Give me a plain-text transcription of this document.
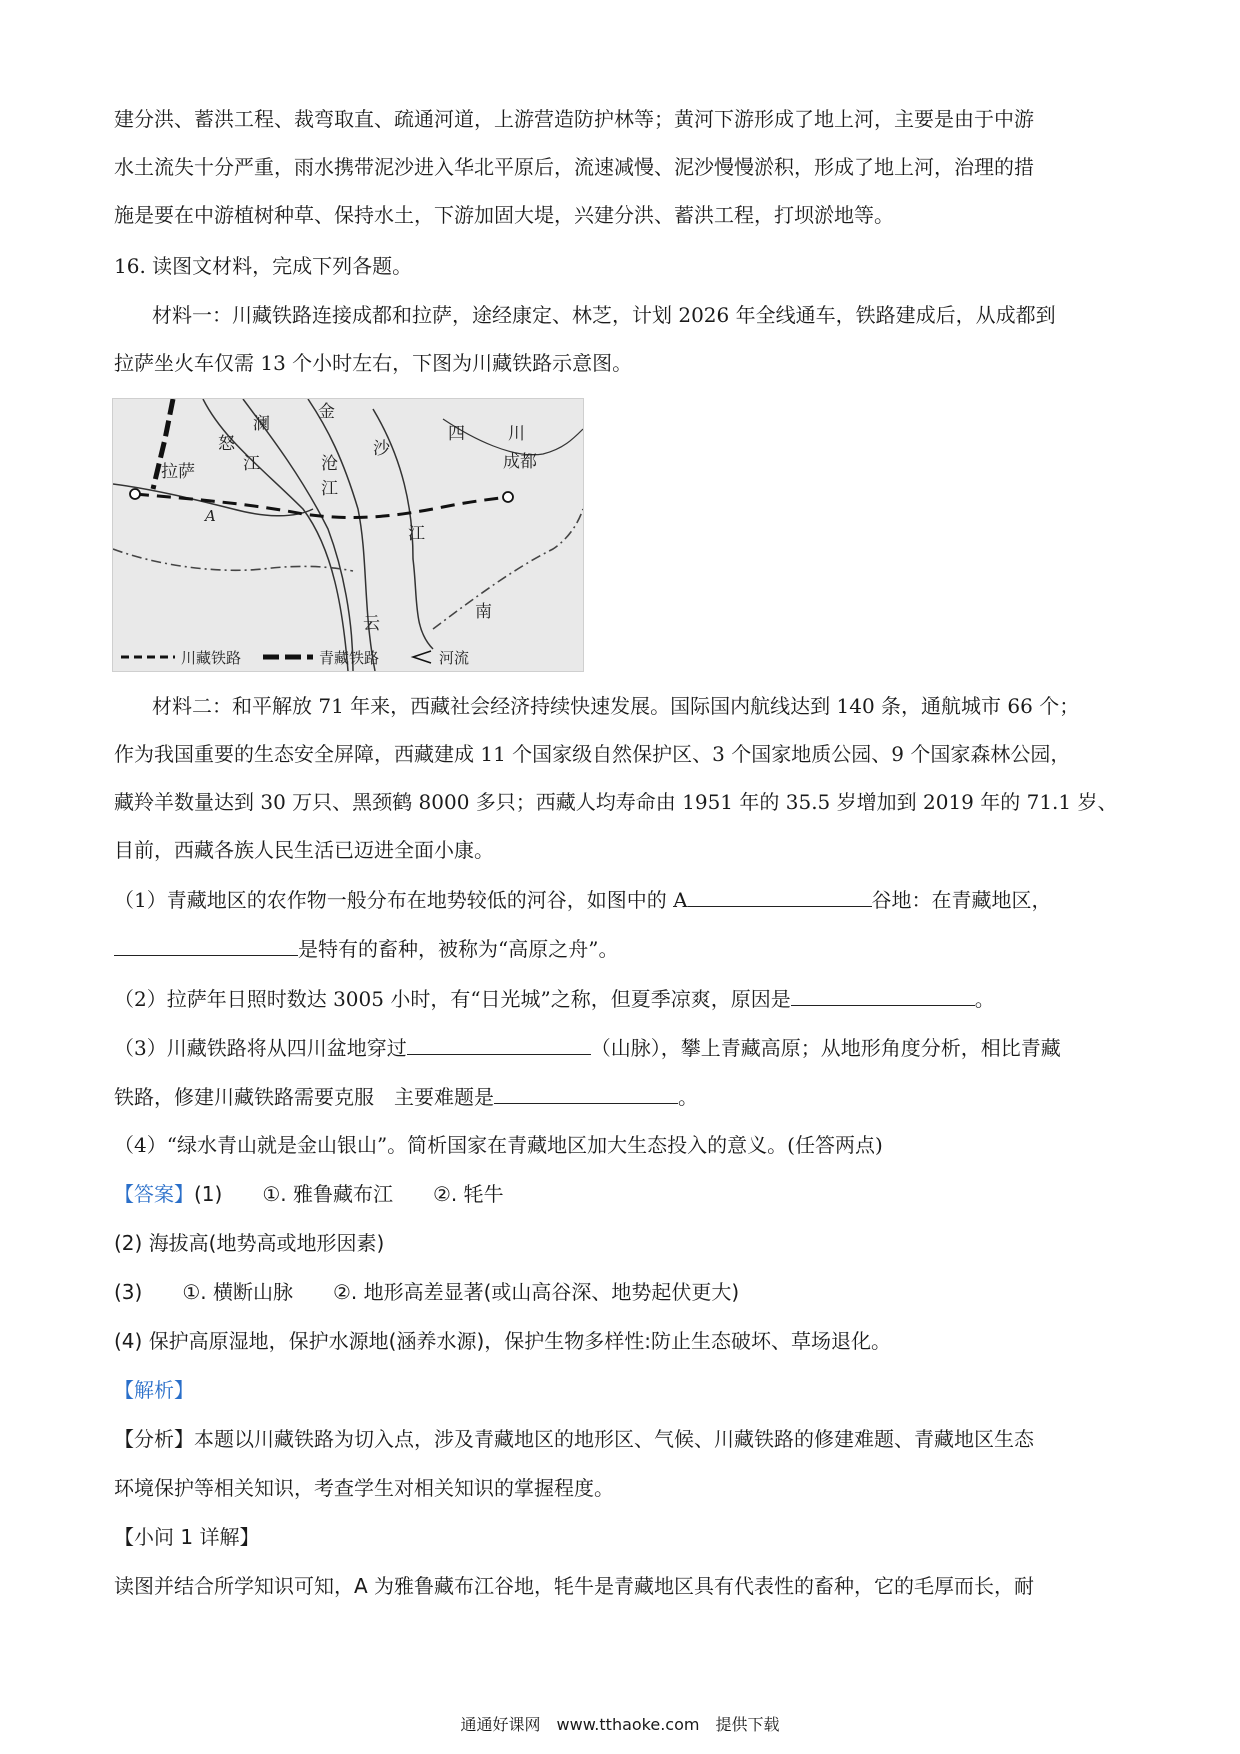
建分洪、蓄洪工程、裁弯取直、疏通河道，上游营造防护林等；黄河下游形成了地上河，主要是由于中游
水土流失十分严重，雨水携带泥沙进入华北平原后，流速减慢、泥沙慢慢淤积，形成了地上河，治理的措
施是要在中游植树种草、保持水土，下游加固大堤，兴建分洪、蓄洪工程，打坝淤地等。
16. 读图文材料，完成下列各题。
材料一：川藏铁路连接成都和拉萨，途经康定、林芝，计划 2026 年全线通车，铁路建成后，从成都到
拉萨坐火车仅需 13 个小时左右，下图为川藏铁路示意图。
拉萨	成都
A
澜
沧
江
金
怒
江
沙
江
四	川
云
南
川藏铁路	青藏铁路	河流
材料二：和平解放 71 年来，西藏社会经济持续快速发展。国际国内航线达到 140 条，通航城市 66 个；
作为我国重要的生态安全屏障，西藏建成 11 个国家级自然保护区、3 个国家地质公园、9 个国家森林公园，
藏羚羊数量达到 30 万只、黑颈鹤 8000 多只；西藏人均寿命由 1951 年的 35.5 岁增加到 2019 年的 71.1 岁、
目前，西藏各族人民生活已迈进全面小康。
（1）青藏地区的农作物一般分布在地势较低的河谷，如图中的 A	谷地：在青藏地区，
是特有的畜种，被称为“高原之舟”。
（2）拉萨年日照时数达 3005 小时，有“日光城”之称，但夏季凉爽，原因是	。
（3）川藏铁路将从四川盆地穿过	（山脉），攀上青藏高原；从地形角度分析，相比青藏
铁路，修建川藏铁路需要克服　主要难题是	。
（4）“绿水青山就是金山银山”。简析国家在青藏地区加大生态投入的意义。(任答两点)
【答案】(1)　　①. 雅鲁藏布江　　②. 牦牛
(2) 海拔高(地势高或地形因素)
(3)　　①. 横断山脉　　②. 地形高差显著(或山高谷深、地势起伏更大)
(4) 保护高原湿地，保护水源地(涵养水源)，保护生物多样性:防止生态破坏、草场退化。
【解析】
【分析】本题以川藏铁路为切入点，涉及青藏地区的地形区、气候、川藏铁路的修建难题、青藏地区生态
环境保护等相关知识，考查学生对相关知识的掌握程度。
【小问 1 详解】
读图并结合所学知识可知，A 为雅鲁藏布江谷地，牦牛是青藏地区具有代表性的畜种，它的毛厚而长，耐
通通好课网　www.tthaoke.com　提供下载
